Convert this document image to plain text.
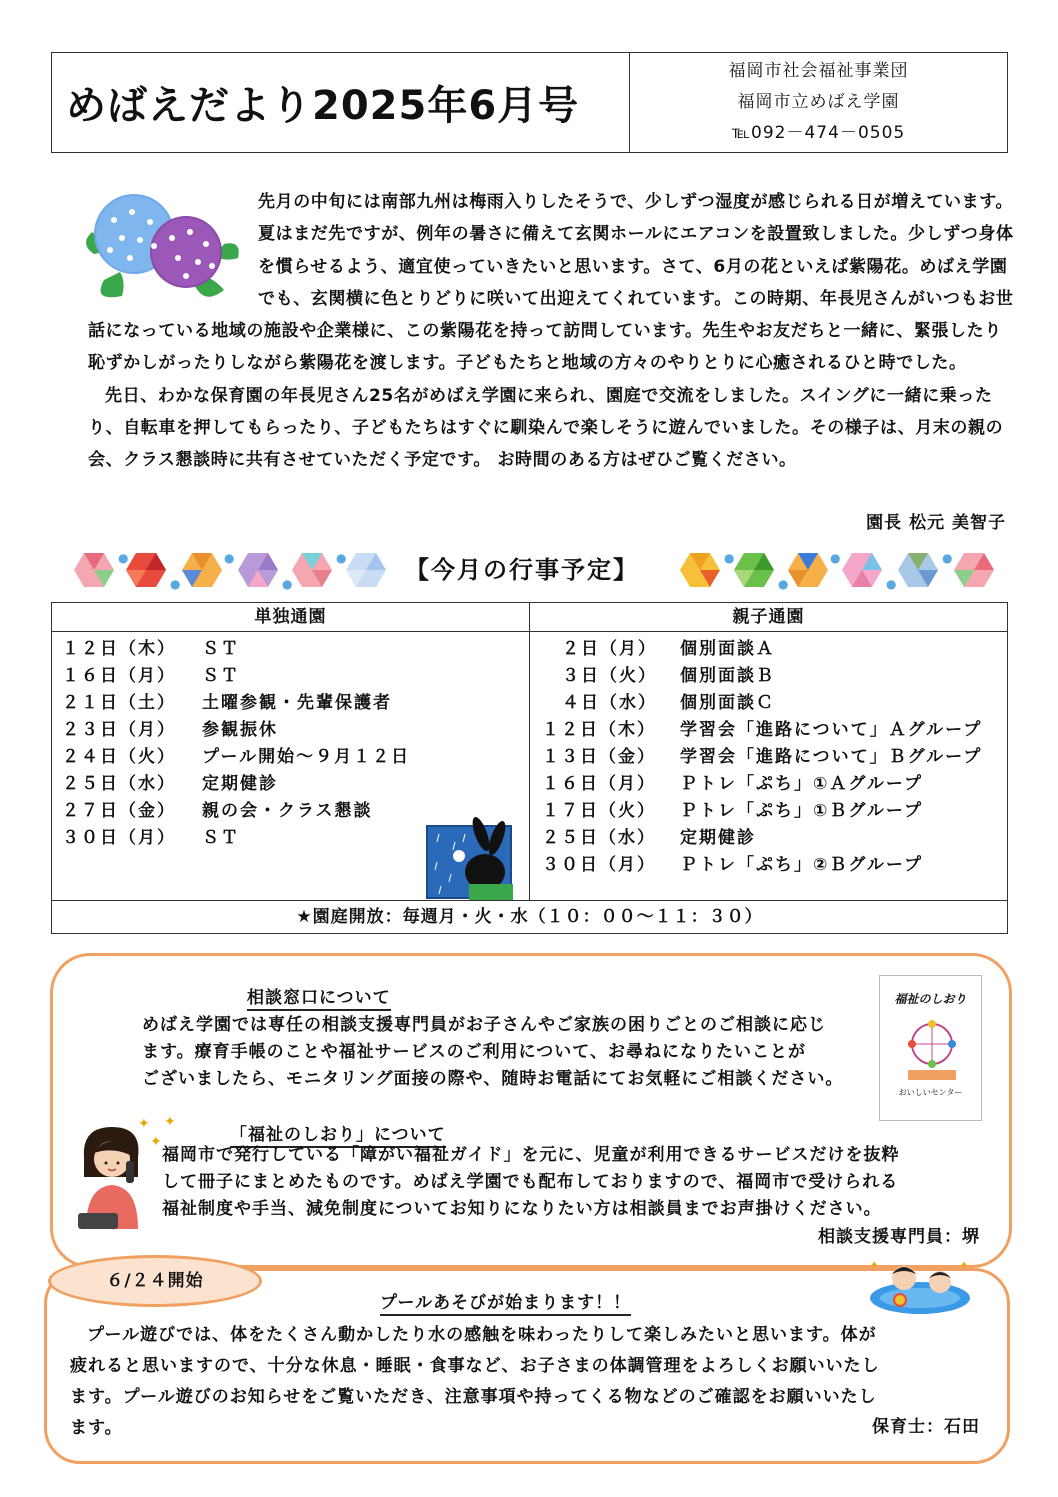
めばえだより2025年6月号
福岡市社会福祉事業団
福岡市立めばえ学園
℡092－474－0505

先月の中旬には南部九州は梅雨入りしたそうで、少しずつ湿度が感じられる日が増えています。夏はまだ先ですが、例年の暑さに備えて玄関ホールにエアコンを設置致しました。少しずつ身体を慣らせるよう、適宜使っていきたいと思います。さて、6月の花といえば紫陽花。めばえ学園でも、玄関横に色とりどりに咲いて出迎えてくれています。この時期、年長児さんがいつもお世話になっている地域の施設や企業様に、この紫陽花を持って訪問しています。先生やお友だちと一緒に、緊張したり恥ずかしがったりしながら紫陽花を渡します。子どもたちと地域の方々のやりとりに心癒されるひと時でした。

先日、わかな保育園の年長児さん25名がめばえ学園に来られ、園庭で交流をしました。スイングに一緒に乗ったり、自転車を押してもらったり、子どもたちはすぐに馴染んで楽しそうに遊んでいました。その様子は、月末の親の会、クラス懇談時に共有させていただく予定です。 お時間のある方はぜひご覧ください。

園長 松元 美智子
●
●
●
●
● 【今月の行事予定】	●
●
●
●
●
単独通園
１２日（木） ＳＴ
１６日（月） ＳＴ
２１日（土） 土曜参観・先輩保護者
２３日（月） 参観振休
２４日（火） プール開始～９月１２日
２５日（水） 定期健診
２７日（金） 親の会・クラス懇談
３０日（月） ＳＴ
親子通園
２日（月） 個別面談Ａ
３日（火） 個別面談Ｂ
４日（水） 個別面談Ｃ
１２日（木） 学習会「進路について」Ａグループ
１３日（金） 学習会「進路について」Ｂグループ
１６日（月） Ｐトレ「ぷち」①Ａグループ
１７日（火） Ｐトレ「ぷち」①Ｂグループ
２５日（水） 定期健診
３０日（月） Ｐトレ「ぷち」②Ｂグループ
★園庭開放：毎週月・火・水（１０：００～１１：３０）
相談窓口について
めばえ学園では専任の相談支援専門員がお子さんやご家族の困りごとのご相談に応じ
ます。療育手帳のことや福祉サービスのご利用について、お尋ねになりたいことが
ございましたら、モニタリング面接の際や、随時お電話にてお気軽にご相談ください。
福祉のしおり
おいしいセンター
✦ ✦
✦	「福祉のしおり」について
福岡市で発行している「障がい福祉ガイド」を元に、児童が利用できるサービスだけを抜粋
して冊子にまとめたものです。めばえ学園でも配布しておりますので、福岡市で受けられる
福祉制度や手当、減免制度についてお知りになりたい方は相談員までお声掛けください。
相談支援専門員：堺
６/２４開始
✦	✦
プールあそびが始まります！！
プール遊びでは、体をたくさん動かしたり水の感触を味わったりして楽しみたいと思います。体が
疲れると思いますので、十分な休息・睡眠・食事など、お子さまの体調管理をよろしくお願いいたし
ます。プール遊びのお知らせをご覧いただき、注意事項や持ってくる物などのご確認をお願いいたし
ます。	保育士：石田
